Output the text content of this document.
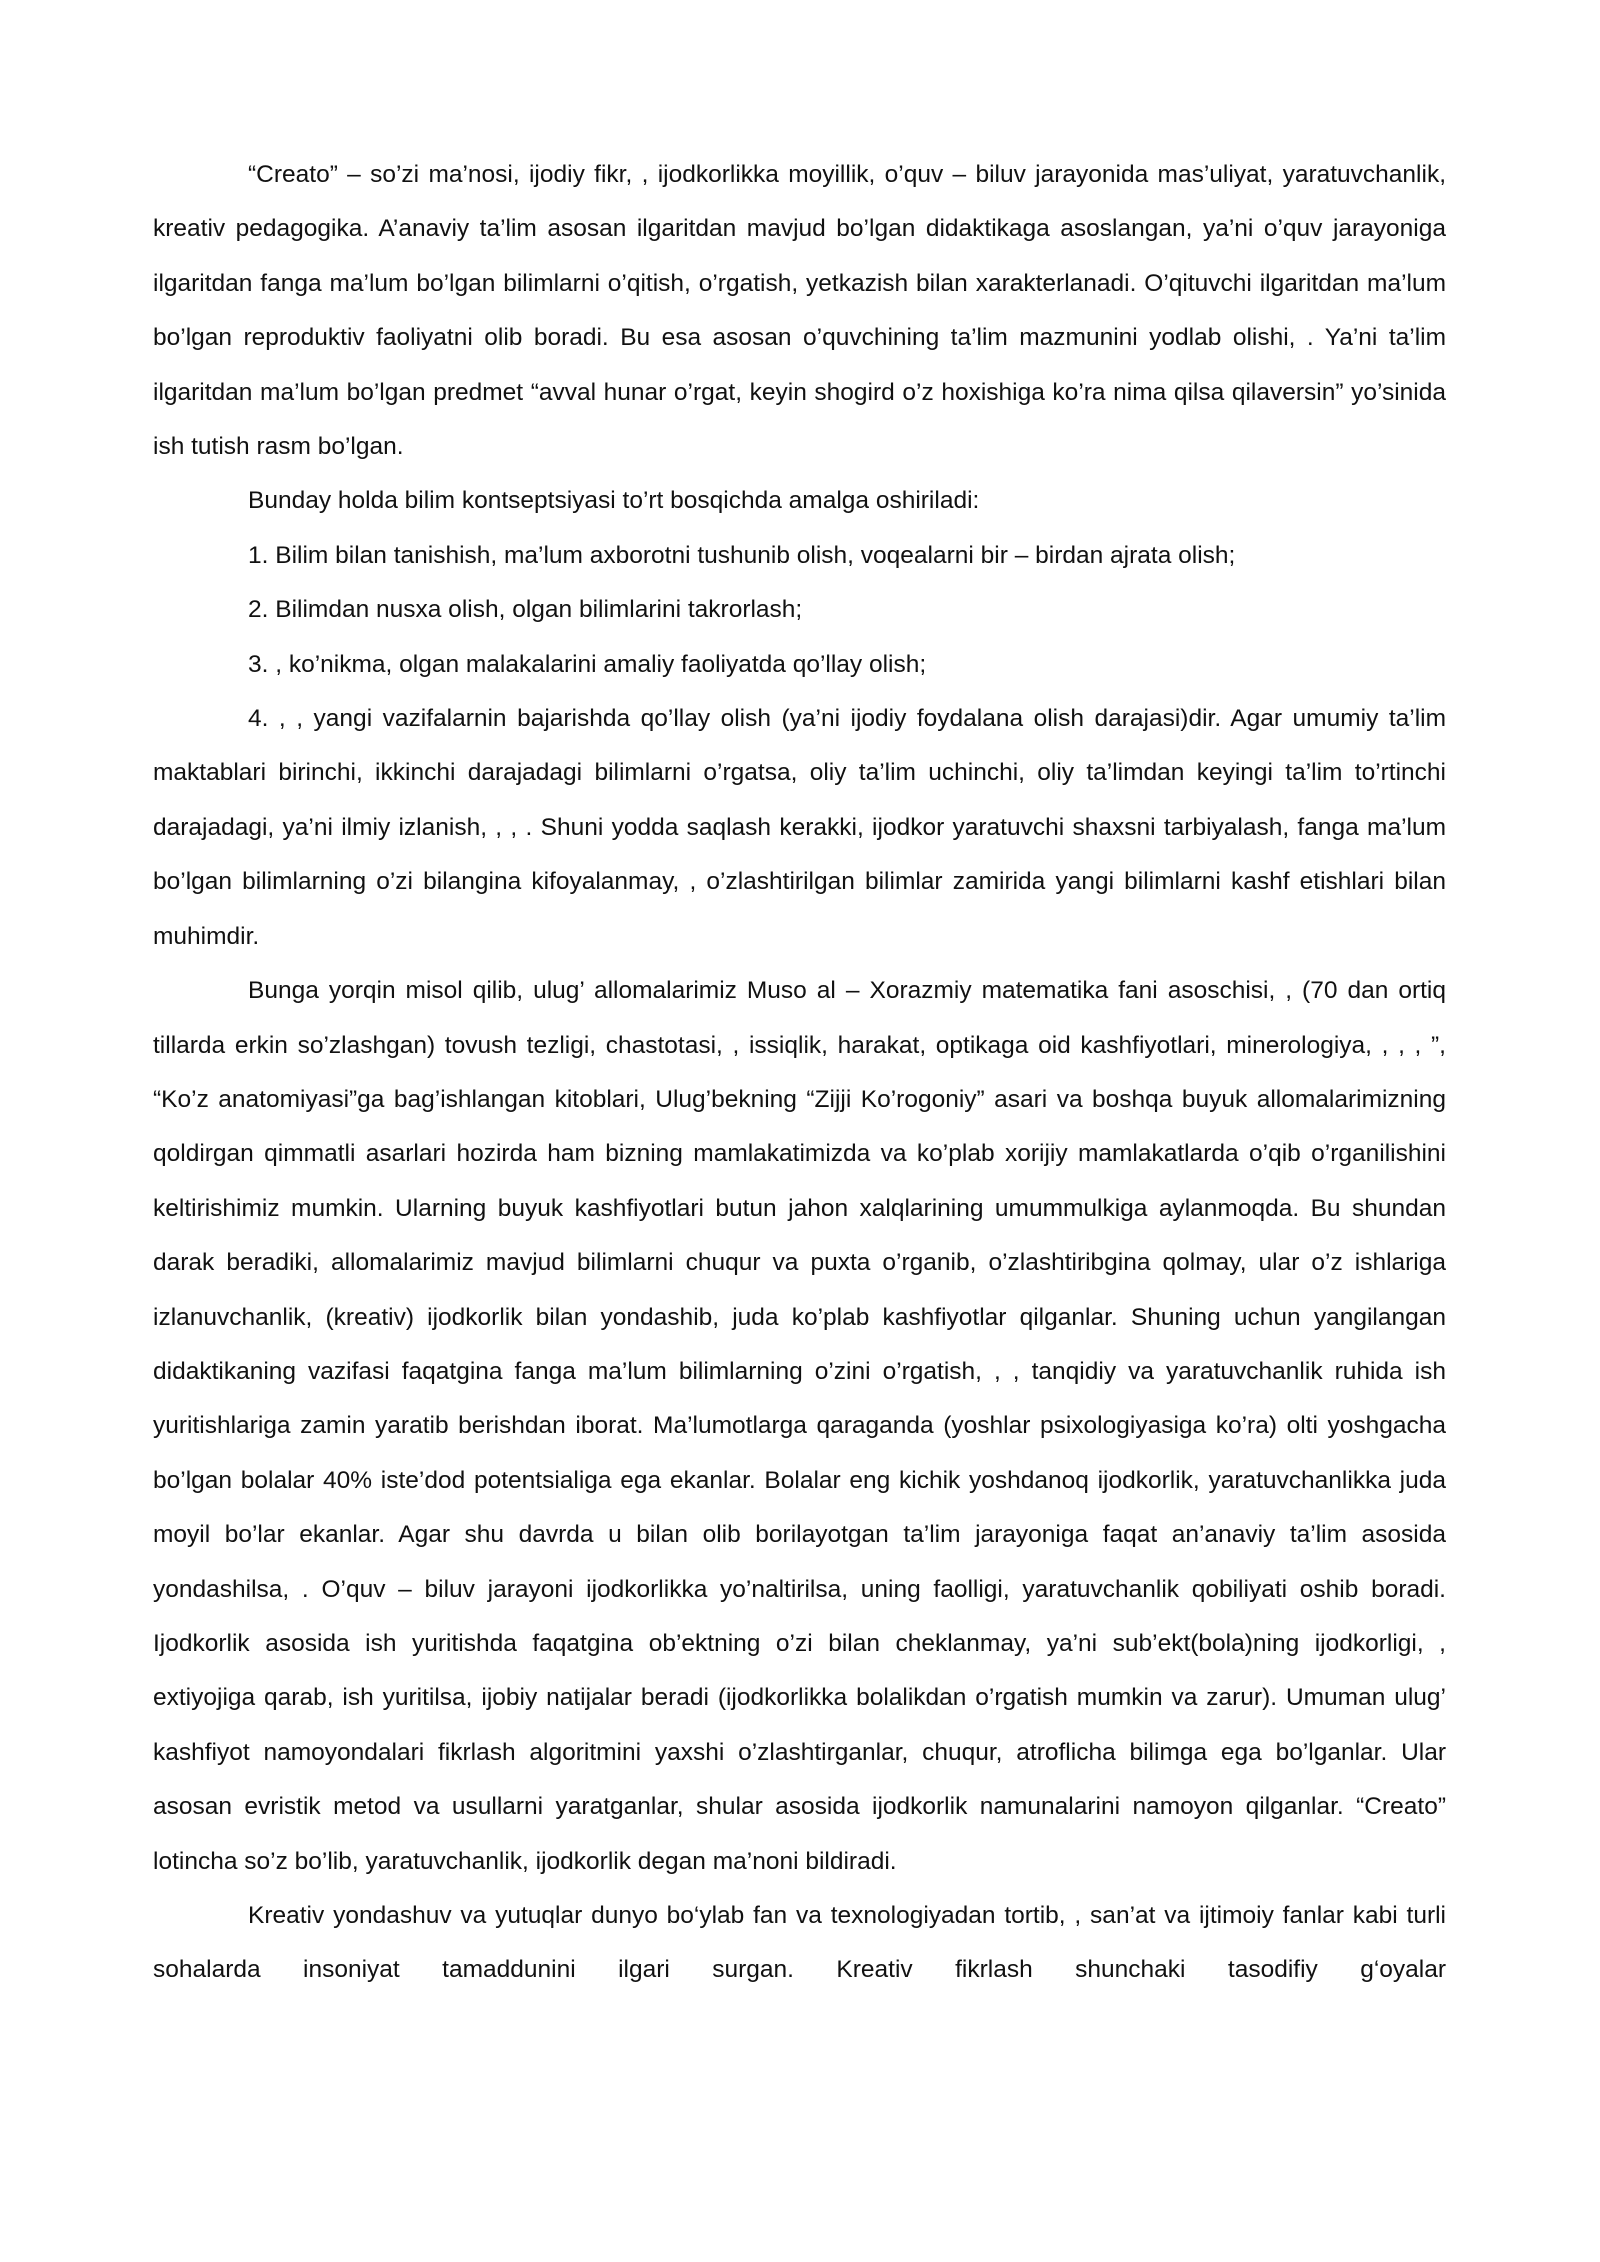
“Creato” – so’zi ma’nosi, ijodiy fikr, , ijodkorlikka moyillik, o’quv – biluv jarayonida mas’uliyat, yaratuvchanlik, kreativ pedagogika. A’anaviy ta’lim asosan ilgaritdan mavjud bo’lgan didaktikaga asoslangan, ya’ni o’quv jarayoniga ilgaritdan fanga ma’lum bo’lgan bilimlarni o’qitish, o’rgatish, yetkazish bilan xarakterlanadi. O’qituvchi ilgaritdan ma’lum bo’lgan reproduktiv faoliyatni olib boradi. Bu esa asosan o’quvchining ta’lim mazmunini yodlab olishi, . Ya’ni ta’lim ilgaritdan ma’lum bo’lgan predmet “avval hunar o’rgat, keyin shogird o’z hoxishiga ko’ra nima qilsa qilaversin” yo’sinida ish tutish rasm bo’lgan.

Bunday holda bilim kontseptsiyasi to’rt bosqichda amalga oshiriladi:

1. Bilim bilan tanishish, ma’lum axborotni tushunib olish, voqealarni bir – birdan ajrata olish;

2. Bilimdan nusxa olish, olgan bilimlarini takrorlash;

3. , ko’nikma, olgan malakalarini amaliy faoliyatda qo’llay olish;

4. , , yangi vazifalarnin bajarishda qo’llay olish (ya’ni ijodiy foydalana olish darajasi)dir. Agar umumiy ta’lim maktablari birinchi, ikkinchi darajadagi bilimlarni o’rgatsa, oliy ta’lim uchinchi, oliy ta’limdan keyingi ta’lim to’rtinchi darajadagi, ya’ni ilmiy izlanish, , , . Shuni yodda saqlash kerakki, ijodkor yaratuvchi shaxsni tarbiyalash, fanga ma’lum bo’lgan bilimlarning o’zi bilangina kifoyalanmay, , o’zlashtirilgan bilimlar zamirida yangi bilimlarni kashf etishlari bilan muhimdir.

Bunga yorqin misol qilib, ulug’ allomalarimiz Muso al – Xorazmiy matematika fani asoschisi, , (70 dan ortiq tillarda erkin so’zlashgan) tovush tezligi, chastotasi, , issiqlik, harakat, optikaga oid kashfiyotlari, minerologiya, , , , ”, “Ko’z anatomiyasi”ga bag’ishlangan kitoblari, Ulug’bekning “Zijji Ko’rogoniy” asari va boshqa buyuk allomalarimizning qoldirgan qimmatli asarlari hozirda ham bizning mamlakatimizda va ko’plab xorijiy mamlakatlarda o’qib o’rganilishini keltirishimiz mumkin. Ularning buyuk kashfiyotlari butun jahon xalqlarining umummulkiga aylanmoqda. Bu shundan darak beradiki, allomalarimiz mavjud bilimlarni chuqur va puxta o’rganib, o’zlashtiribgina qolmay, ular o’z ishlariga izlanuvchanlik, (kreativ) ijodkorlik bilan yondashib, juda ko’plab kashfiyotlar qilganlar. Shuning uchun yangilangan didaktikaning vazifasi faqatgina fanga ma’lum bilimlarning o’zini o’rgatish, , , tanqidiy va yaratuvchanlik ruhida ish yuritishlariga zamin yaratib berishdan iborat. Ma’lumotlarga qaraganda (yoshlar psixologiyasiga ko’ra) olti yoshgacha bo’lgan bolalar 40% iste’dod potentsialiga ega ekanlar. Bolalar eng kichik yoshdanoq ijodkorlik, yaratuvchanlikka juda moyil bo’lar ekanlar. Agar shu davrda u bilan olib borilayotgan ta’lim jarayoniga faqat an’anaviy ta’lim asosida yondashilsa, . O’quv – biluv jarayoni ijodkorlikka yo’naltirilsa, uning faolligi, yaratuvchanlik qobiliyati oshib boradi. Ijodkorlik asosida ish yuritishda faqatgina ob’ektning o’zi bilan cheklanmay, ya’ni sub’ekt(bola)ning ijodkorligi, , extiyojiga qarab, ish yuritilsa, ijobiy natijalar beradi (ijodkorlikka bolalikdan o’rgatish mumkin va zarur). Umuman ulug’ kashfiyot namoyondalari fikrlash algoritmini yaxshi o’zlashtirganlar, chuqur, atroflicha bilimga ega bo’lganlar. Ular asosan evristik metod va usullarni yaratganlar, shular asosida ijodkorlik namunalarini namoyon qilganlar. “Creato” lotincha so’z bo’lib, yaratuvchanlik, ijodkorlik degan ma’noni bildiradi.

Kreativ yondashuv va yutuqlar dunyo bo‘ylab fan va texnologiyadan tortib, , san’at va ijtimoiy fanlar kabi turli sohalarda insoniyat tamaddunini ilgari surgan. Kreativ fikrlash shunchaki tasodifiy g‘oyalar
